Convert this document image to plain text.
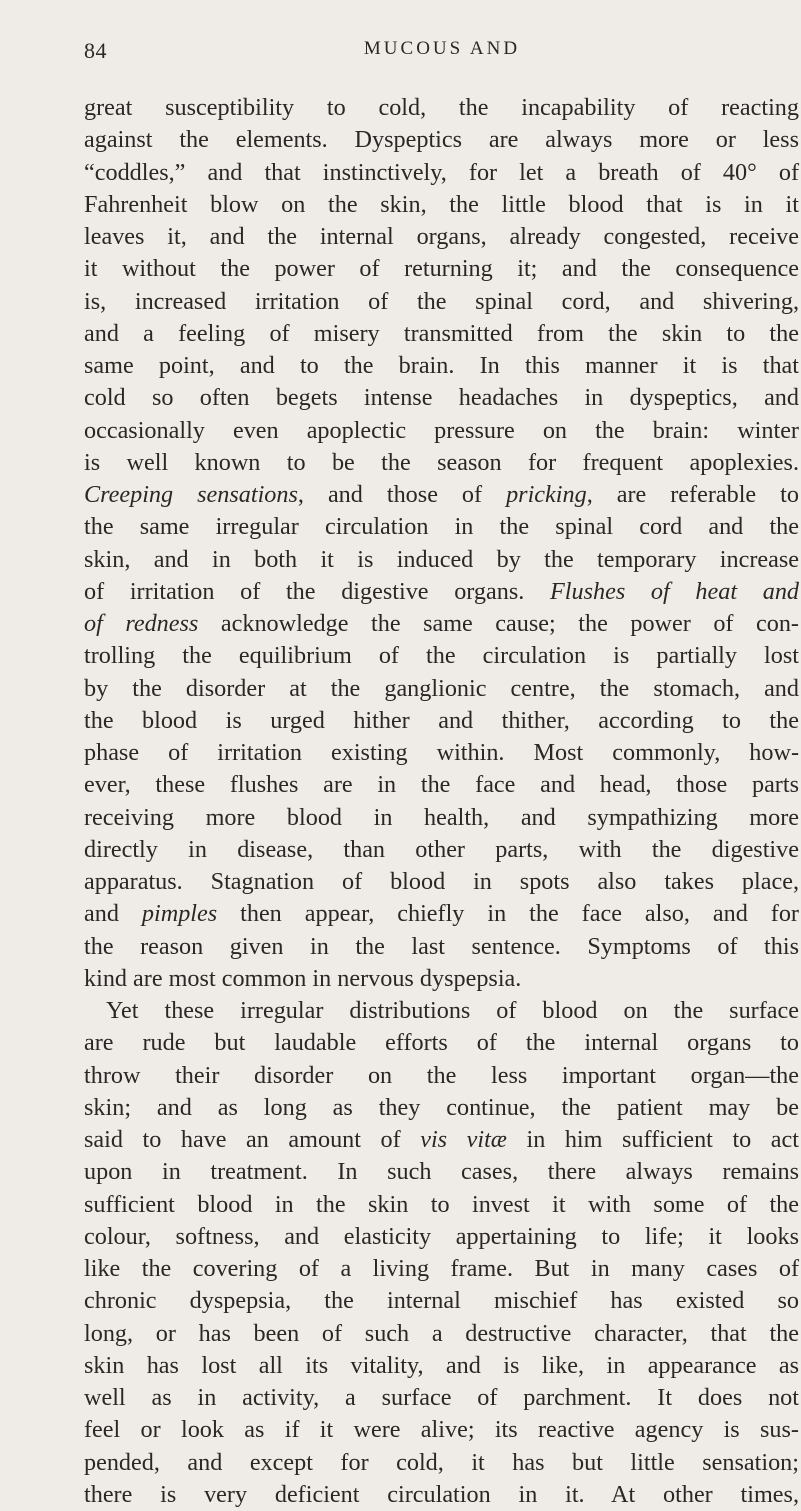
84	MUCOUS AND
great susceptibility to cold, the incapability of reacting
against the elements. Dyspeptics are always more or less
“coddles,” and that instinctively, for let a breath of 40° of
Fahrenheit blow on the skin, the little blood that is in it
leaves it, and the internal organs, already congested, receive
it without the power of returning it; and the consequence
is, increased irritation of the spinal cord, and shivering,
and a feeling of misery transmitted from the skin to the
same point, and to the brain. In this manner it is that
cold so often begets intense headaches in dyspeptics, and
occasionally even apoplectic pressure on the brain: winter
is well known to be the season for frequent apoplexies.
Creeping sensations, and those of pricking, are referable to
the same irregular circulation in the spinal cord and the
skin, and in both it is induced by the temporary increase
of irritation of the digestive organs. Flushes of heat and
of redness acknowledge the same cause; the power of con-
trolling the equilibrium of the circulation is partially lost
by the disorder at the ganglionic centre, the stomach, and
the blood is urged hither and thither, according to the
phase of irritation existing within. Most commonly, how-
ever, these flushes are in the face and head, those parts
receiving more blood in health, and sympathizing more
directly in disease, than other parts, with the digestive
apparatus. Stagnation of blood in spots also takes place,
and pimples then appear, chiefly in the face also, and for
the reason given in the last sentence. Symptoms of this
kind are most common in nervous dyspepsia.
Yet these irregular distributions of blood on the surface
are rude but laudable efforts of the internal organs to
throw their disorder on the less important organ—the
skin; and as long as they continue, the patient may be
said to have an amount of vis vitæ in him sufficient to act
upon in treatment. In such cases, there always remains
sufficient blood in the skin to invest it with some of the
colour, softness, and elasticity appertaining to life; it looks
like the covering of a living frame. But in many cases of
chronic dyspepsia, the internal mischief has existed so
long, or has been of such a destructive character, that the
skin has lost all its vitality, and is like, in appearance as
well as in activity, a surface of parchment. It does not
feel or look as if it were alive; its reactive agency is sus-
pended, and except for cold, it has but little sensation;
there is very deficient circulation in it. At other times,
